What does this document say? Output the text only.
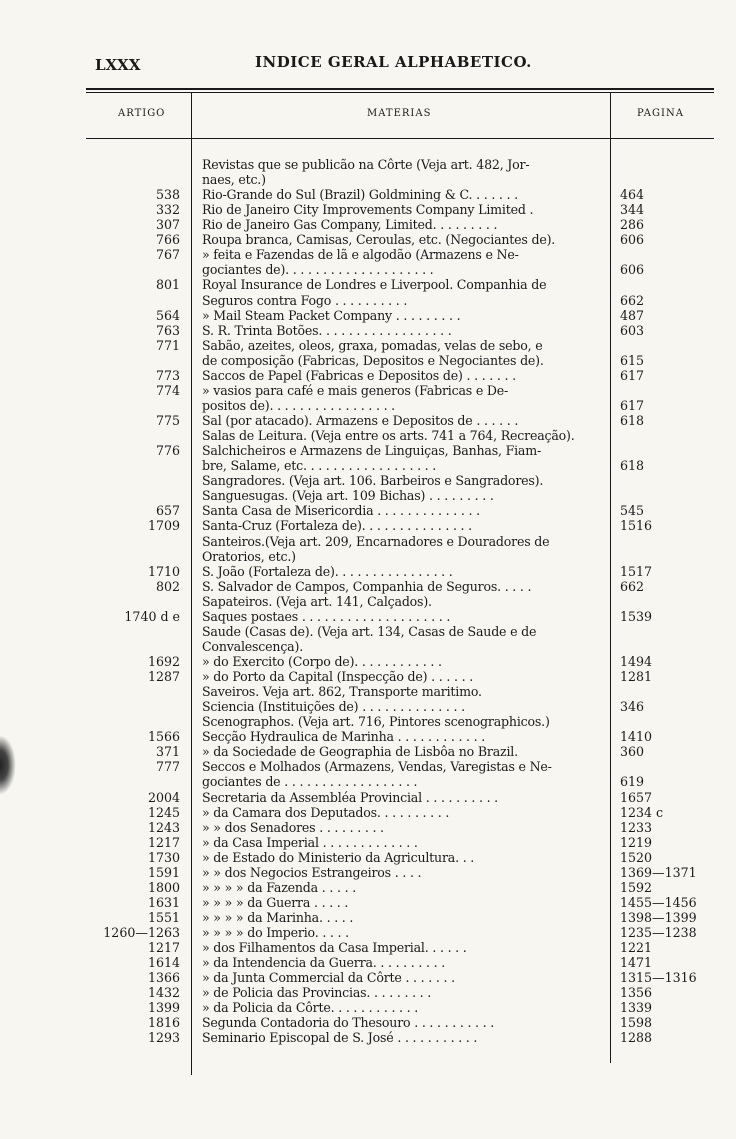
LXXX	INDICE GERAL ALPHABETICO.
ARTIGO	MATERIAS	PAGINA
Revistas que se publicão na Côrte (Veja art. 482, Jor-
naes, etc.)
538 Rio-Grande do Sul (Brazil) Goldmining & C. . . . . . .	464
332 Rio de Janeiro City Improvements Company Limited .	344
307 Rio de Janeiro Gas Company, Limited. . . . . . . . .	286
766 Roupa branca, Camisas, Ceroulas, etc. (Negociantes de).	606
767 » feita e Fazendas de lã e algodão (Armazens e Ne-
gociantes de). . . . . . . . . . . . . . . . . . . .	606
801 Royal Insurance de Londres e Liverpool. Companhia de
Seguros contra Fogo . . . . . . . . . .	662
564 » Mail Steam Packet Company . . . . . . . . .	487
763 S. R. Trinta Botões. . . . . . . . . . . . . . . . . .	603
771 Sabão, azeites, oleos, graxa, pomadas, velas de sebo, e
de composição (Fabricas, Depositos e Negociantes de).	615
773 Saccos de Papel (Fabricas e Depositos de) . . . . . . .	617
774 » vasios para café e mais generos (Fabricas e De-
positos de). . . . . . . . . . . . . . . . .	617
775 Sal (por atacado). Armazens e Depositos de . . . . . .	618
Salas de Leitura. (Veja entre os arts. 741 a 764, Recreação).
776 Salchicheiros e Armazens de Linguiças, Banhas, Fiam-
bre, Salame, etc. . . . . . . . . . . . . . . . . .	618
Sangradores. (Veja art. 106. Barbeiros e Sangradores).
Sanguesugas. (Veja art. 109 Bichas) . . . . . . . . .
657 Santa Casa de Misericordia . . . . . . . . . . . . . .	545
1709 Santa-Cruz (Fortaleza de). . . . . . . . . . . . . . .	1516
Santeiros.(Veja art. 209, Encarnadores e Douradores de
Oratorios, etc.)
1710 S. João (Fortaleza de). . . . . . . . . . . . . . . .	1517
802 S. Salvador de Campos, Companhia de Seguros. . . . .	662
Sapateiros. (Veja art. 141, Calçados).
1740 d e Saques postaes . . . . . . . . . . . . . . . . . . . .	1539
Saude (Casas de). (Veja art. 134, Casas de Saude e de
Convalescença).
1692 » do Exercito (Corpo de). . . . . . . . . . . .	1494
1287 » do Porto da Capital (Inspecção de) . . . . . .	1281
Saveiros. Veja art. 862, Transporte maritimo.
Sciencia (Instituições de) . . . . . . . . . . . . . .	346
Scenographos. (Veja art. 716, Pintores scenographicos.)
1566 Secção Hydraulica de Marinha . . . . . . . . . . . .	1410
371 » da Sociedade de Geographia de Lisbôa no Brazil.	360
777 Seccos e Molhados (Armazens, Vendas, Varegistas e Ne-
gociantes de . . . . . . . . . . . . . . . . . .	619
2004 Secretaria da Assembléa Provincial . . . . . . . . . .	1657
1245 » da Camara dos Deputados. . . . . . . . . .	1234 c
1243 » » dos Senadores . . . . . . . . .	1233
1217 » da Casa Imperial . . . . . . . . . . . . .	1219
1730 » de Estado do Ministerio da Agricultura. . .	1520
1591 » » dos Negocios Estrangeiros . . . .	1369—1371
1800 » » » » da Fazenda . . . . .	1592
1631 » » » » da Guerra . . . . .	1455—1456
1551 » » » » da Marinha. . . . .	1398—1399
1260—1263 » » » » do Imperio. . . . .	1235—1238
1217 » dos Filhamentos da Casa Imperial. . . . . .	1221
1614 » da Intendencia da Guerra. . . . . . . . . .	1471
1366 » da Junta Commercial da Côrte . . . . . . .	1315—1316
1432 » de Policia das Provincias. . . . . . . . .	1356
1399 » da Policia da Côrte. . . . . . . . . . . .	1339
1816 Segunda Contadoria do Thesouro . . . . . . . . . . .	1598
1293 Seminario Episcopal de S. José . . . . . . . . . . .	1288
